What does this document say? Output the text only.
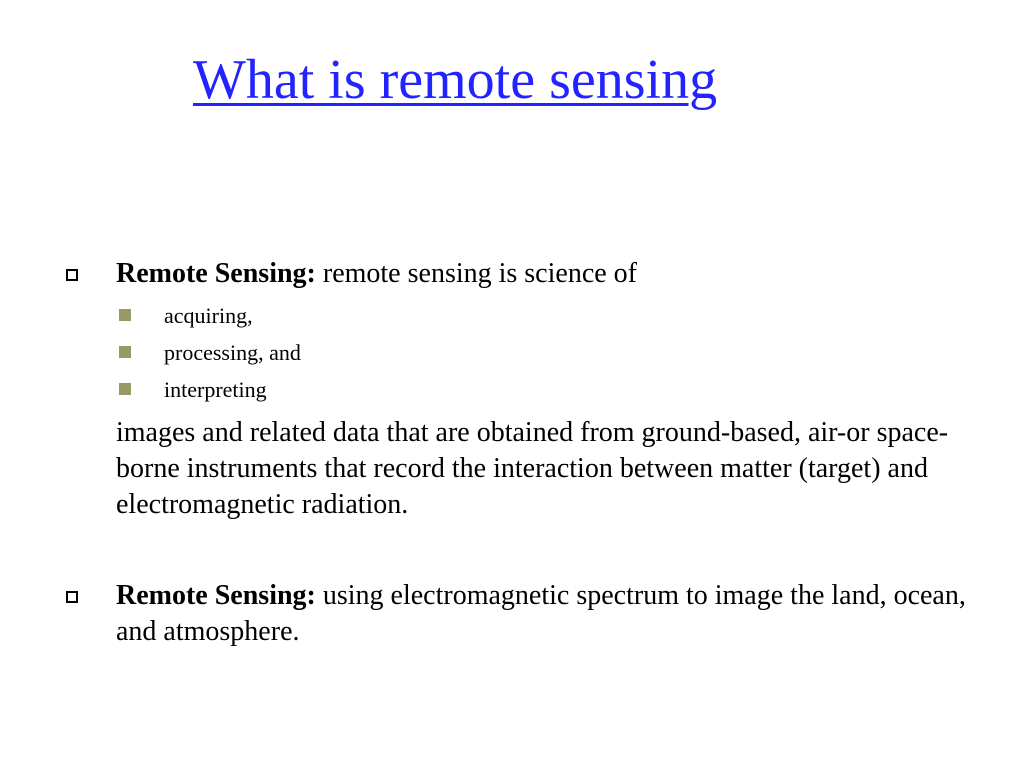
What is remote sensing
Remote Sensing: remote sensing is science of
acquiring,
processing, and
interpreting
images and related data that are obtained from ground-based, air-or space-borne instruments that record the interaction between matter (target) and electromagnetic radiation.
Remote Sensing: using electromagnetic spectrum to image the land, ocean, and atmosphere.
